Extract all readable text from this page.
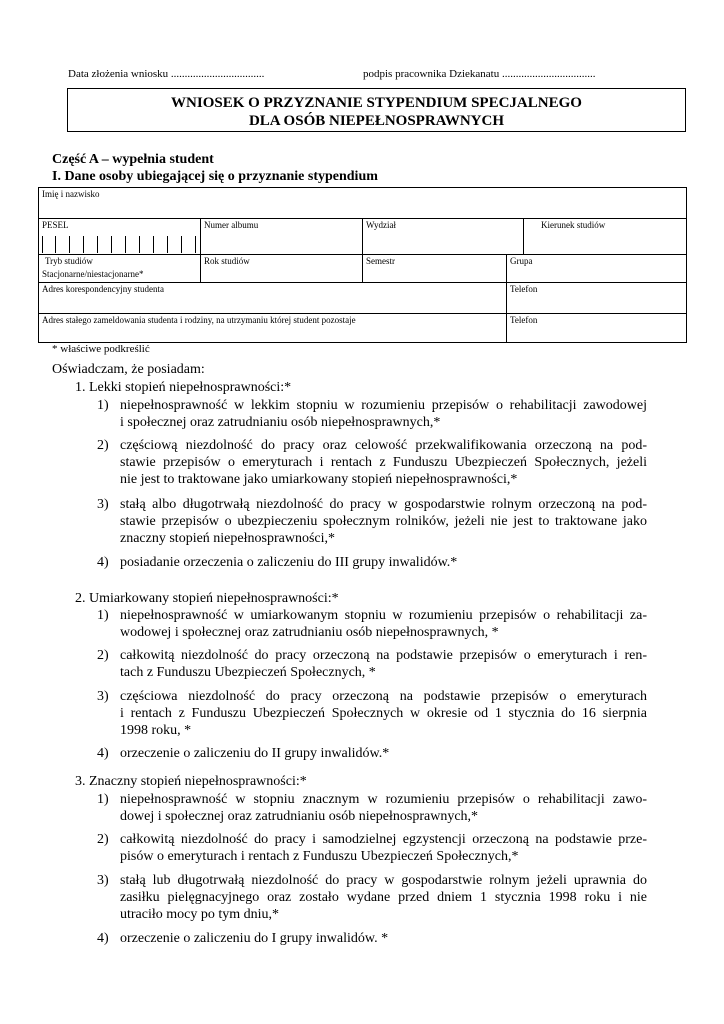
Data złożenia wniosku ..................................	podpis pracownika Dziekanatu ..................................
WNIOSEK O PRZYZNANIE STYPENDIUM SPECJALNEGO
DLA OSÓB NIEPEŁNOSPRAWNYCH
Część A – wypełnia student
I. Dane osoby ubiegającej się o przyznanie stypendium
Imię i nazwisko				
PESEL	Numer albumu	Wydział		Kierunek studiów

Tryb studiów
Stacjonarne/niestacjonarne*	Rok studiów	Semestr	Grupa	
Adres korespondencyjny studenta			Telefon	
Adres stałego zameldowania studenta i rodziny, na utrzymaniu której student pozostaje			Telefon	
* właściwe podkreślić
Oświadczam, że posiadam:
1. Lekki stopień niepełnosprawności:*
1) niepełnosprawność w lekkim stopniu w rozumieniu przepisów o rehabilitacji zawodowej
i społecznej oraz zatrudnianiu osób niepełnosprawnych,*
2) częściową niezdolność do pracy oraz celowość przekwalifikowania orzeczoną na pod-
stawie przepisów o emeryturach i rentach z Funduszu Ubezpieczeń Społecznych, jeżeli
nie jest to traktowane jako umiarkowany stopień niepełnosprawności,*
3) stałą albo długotrwałą niezdolność do pracy w gospodarstwie rolnym orzeczoną na pod-
stawie przepisów o ubezpieczeniu społecznym rolników, jeżeli nie jest to traktowane jako
znaczny stopień niepełnosprawności,*
4) posiadanie orzeczenia o zaliczeniu do III grupy inwalidów.*
2. Umiarkowany stopień niepełnosprawności:*
1) niepełnosprawność w umiarkowanym stopniu w rozumieniu przepisów o rehabilitacji za-
wodowej i społecznej oraz zatrudnianiu osób niepełnosprawnych, *
2) całkowitą niezdolność do pracy orzeczoną na podstawie przepisów o emeryturach i ren-
tach z Funduszu Ubezpieczeń Społecznych, *
3) częściowa niezdolność do pracy orzeczoną na podstawie przepisów o emeryturach
i rentach z Funduszu Ubezpieczeń Społecznych w okresie od 1 stycznia do 16 sierpnia
1998 roku, *
4) orzeczenie o zaliczeniu do II grupy inwalidów.*
3. Znaczny stopień niepełnosprawności:*
1) niepełnosprawność w stopniu znacznym w rozumieniu przepisów o rehabilitacji zawo-
dowej i społecznej oraz zatrudnianiu osób niepełnosprawnych,*
2) całkowitą niezdolność do pracy i samodzielnej egzystencji orzeczoną na podstawie prze-
pisów o emeryturach i rentach z Funduszu Ubezpieczeń Społecznych,*
3) stałą lub długotrwałą niezdolność do pracy w gospodarstwie rolnym jeżeli uprawnia do
zasiłku pielęgnacyjnego oraz zostało wydane przed dniem 1 stycznia 1998 roku i nie
utraciło mocy po tym dniu,*
4) orzeczenie o zaliczeniu do I grupy inwalidów. *
